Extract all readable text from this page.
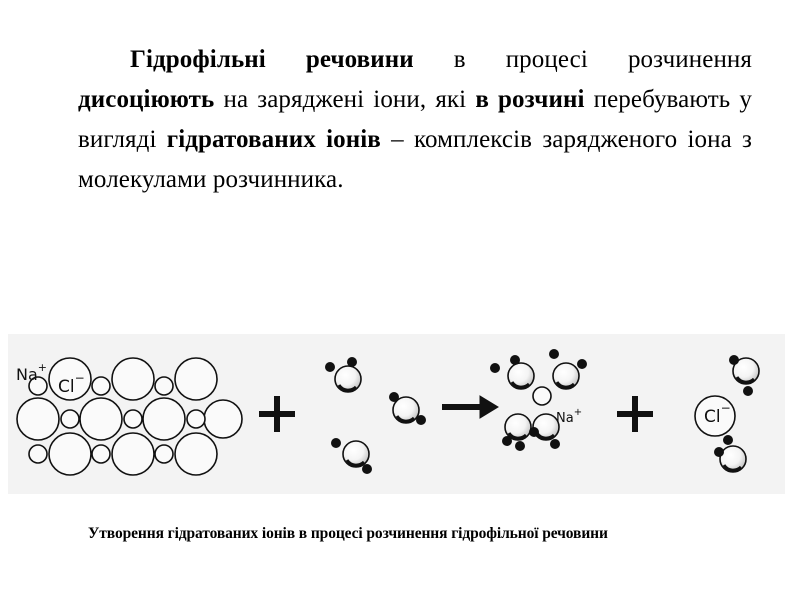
Гідрофільні речовини в процесі розчинення дисоціюють на заряджені іони, які в розчині перебувають у вигляді гідратованих іонів – комплексів зарядженого іона з молекулами розчинника.

Na+
Cl−
Na+	Cl−
Утворення гідратованих іонів в процесі розчинення гідрофільної речовини
